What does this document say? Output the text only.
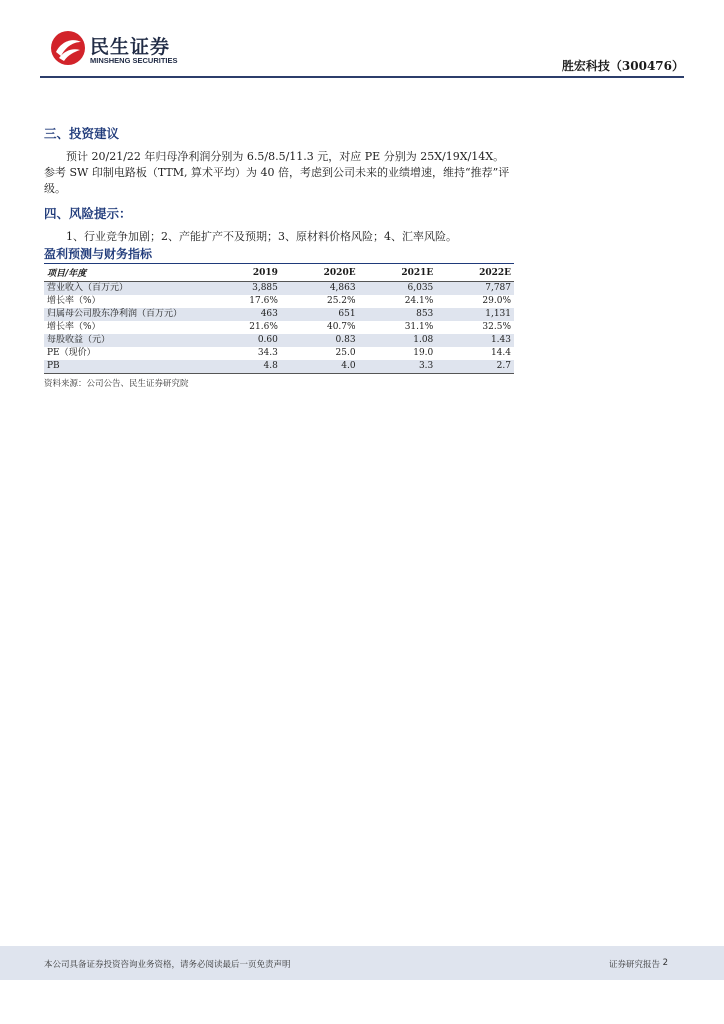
民生证券
MINSHENG SECURITIES	胜宏科技（300476）
三、投资建议

预计 20/21/22 年归母净利润分别为 6.5/8.5/11.3 元，对应 PE 分别为 25X/19X/14X。参考 SW 印制电路板（TTM, 算术平均）为 40 倍，考虑到公司未来的业绩增速，维持“推荐”评级。

四、风险提示：

1、行业竞争加剧；2、产能扩产不及预期；3、原材料价格风险；4、汇率风险。

盈利预测与财务指标
项目/年度	2019	2020E	2021E	2022E
营业收入（百万元）	3,885	4,863	6,035	7,787
增长率（%）	17.6%	25.2%	24.1%	29.0%
归属母公司股东净利润（百万元）	463	651	853	1,131
增长率（%）	21.6%	40.7%	31.1%	32.5%
每股收益（元）	0.60	0.83	1.08	1.43
PE（现价）	34.3	25.0	19.0	14.4
PB	4.8	4.0	3.3	2.7
资料来源：公司公告、民生证券研究院
本公司具备证券投资咨询业务资格，请务必阅读最后一页免责声明	证券研究报告 2
